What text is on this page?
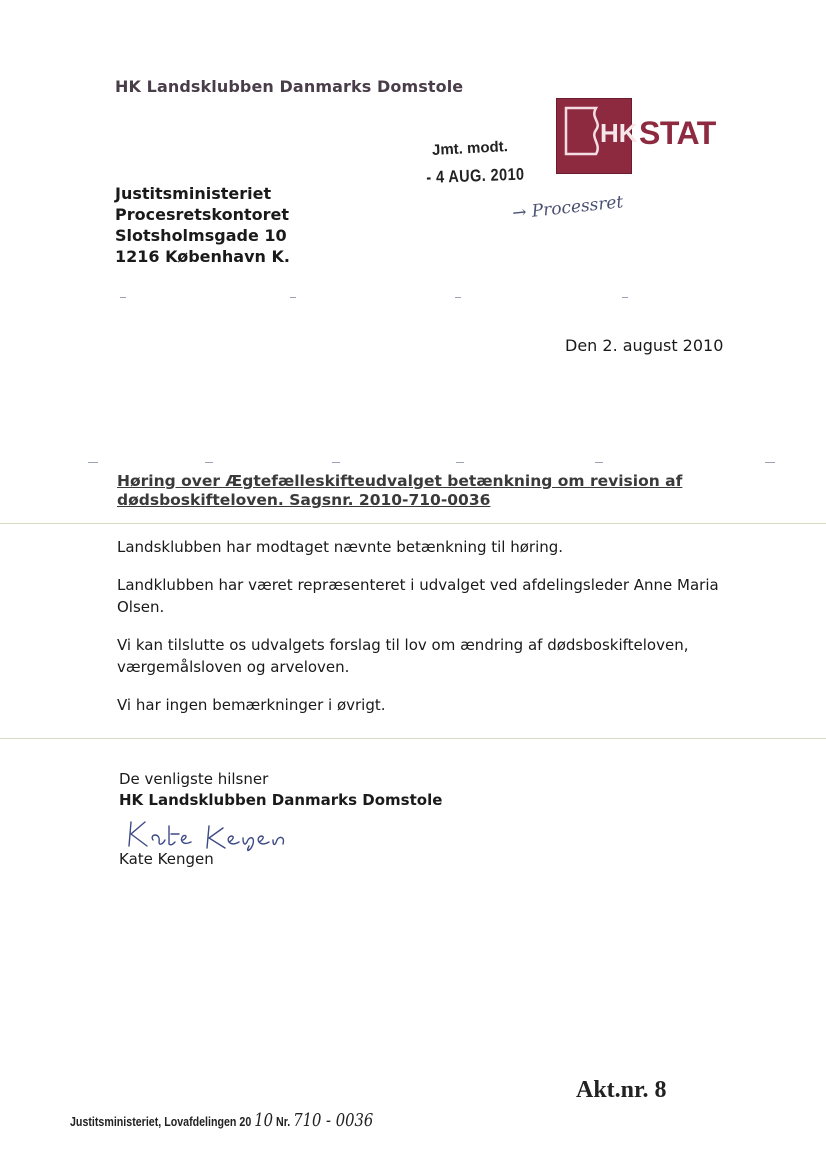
HK Landsklubben Danmarks Domstole
HK STAT
Jmt. modt.
- 4 AUG. 2010
→ Processret
Justitsministeriet
Procesretskontoret
Slotsholmsgade 10
1216 København K.
Den 2. august 2010
Høring over Ægtefælleskifteudvalget betænkning om revision af dødsboskifteloven. Sagsnr. 2010-710-0036

Landsklubben har modtaget nævnte betænkning til høring.

Landklubben har været repræsenteret i udvalget ved afdelingsleder Anne Maria Olsen.

Vi kan tilslutte os udvalgets forslag til lov om ændring af dødsboskifteloven, værgemålsloven og arveloven.

Vi har ingen bemærkninger i øvrigt.

De venligste hilsner
HK Landsklubben Danmarks Domstole
Kate Kengen
Akt.nr. 8
Justitsministeriet, Lovafdelingen 20 10 Nr. 710 - 0036
